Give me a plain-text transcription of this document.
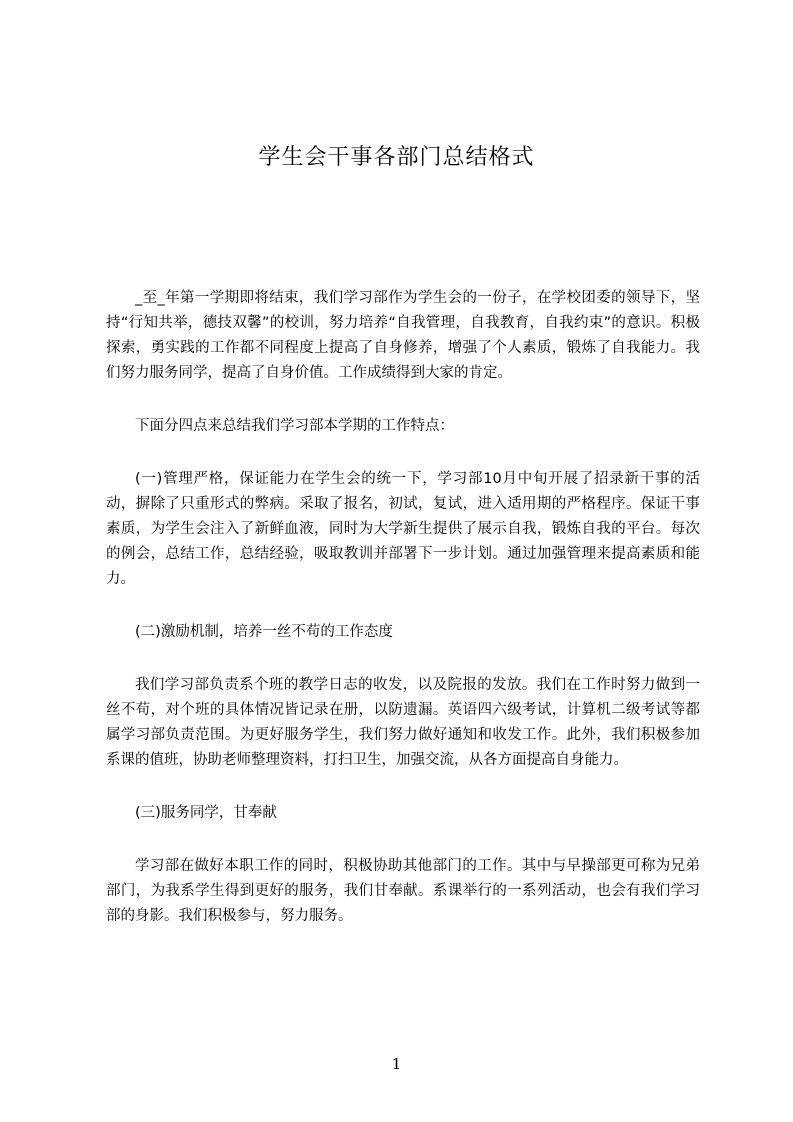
学生会干事各部门总结格式

_至_年第一学期即将结束，我们学习部作为学生会的一份子，在学校团委的领导下，坚持“行知共举，德技双馨”的校训，努力培养“自我管理，自我教育，自我约束”的意识。积极探索，勇实践的工作都不同程度上提高了自身修养，增强了个人素质，锻炼了自我能力。我们努力服务同学，提高了自身价值。工作成绩得到大家的肯定。

下面分四点来总结我们学习部本学期的工作特点：

(一)管理严格，保证能力在学生会的统一下，学习部10月中旬开展了招录新干事的活动，摒除了只重形式的弊病。采取了报名，初试，复试，进入适用期的严格程序。保证干事素质，为学生会注入了新鲜血液，同时为大学新生提供了展示自我，锻炼自我的平台。每次的例会，总结工作，总结经验，吸取教训并部署下一步计划。通过加强管理来提高素质和能力。

(二)激励机制，培养一丝不苟的工作态度

我们学习部负责系个班的教学日志的收发，以及院报的发放。我们在工作时努力做到一丝不苟，对个班的具体情况皆记录在册，以防遗漏。英语四六级考试，计算机二级考试等都属学习部负责范围。为更好服务学生，我们努力做好通知和收发工作。此外，我们积极参加系课的值班，协助老师整理资料，打扫卫生，加强交流，从各方面提高自身能力。

(三)服务同学，甘奉献

学习部在做好本职工作的同时，积极协助其他部门的工作。其中与早操部更可称为兄弟部门，为我系学生得到更好的服务，我们甘奉献。系课举行的一系列活动，也会有我们学习部的身影。我们积极参与，努力服务。

1
